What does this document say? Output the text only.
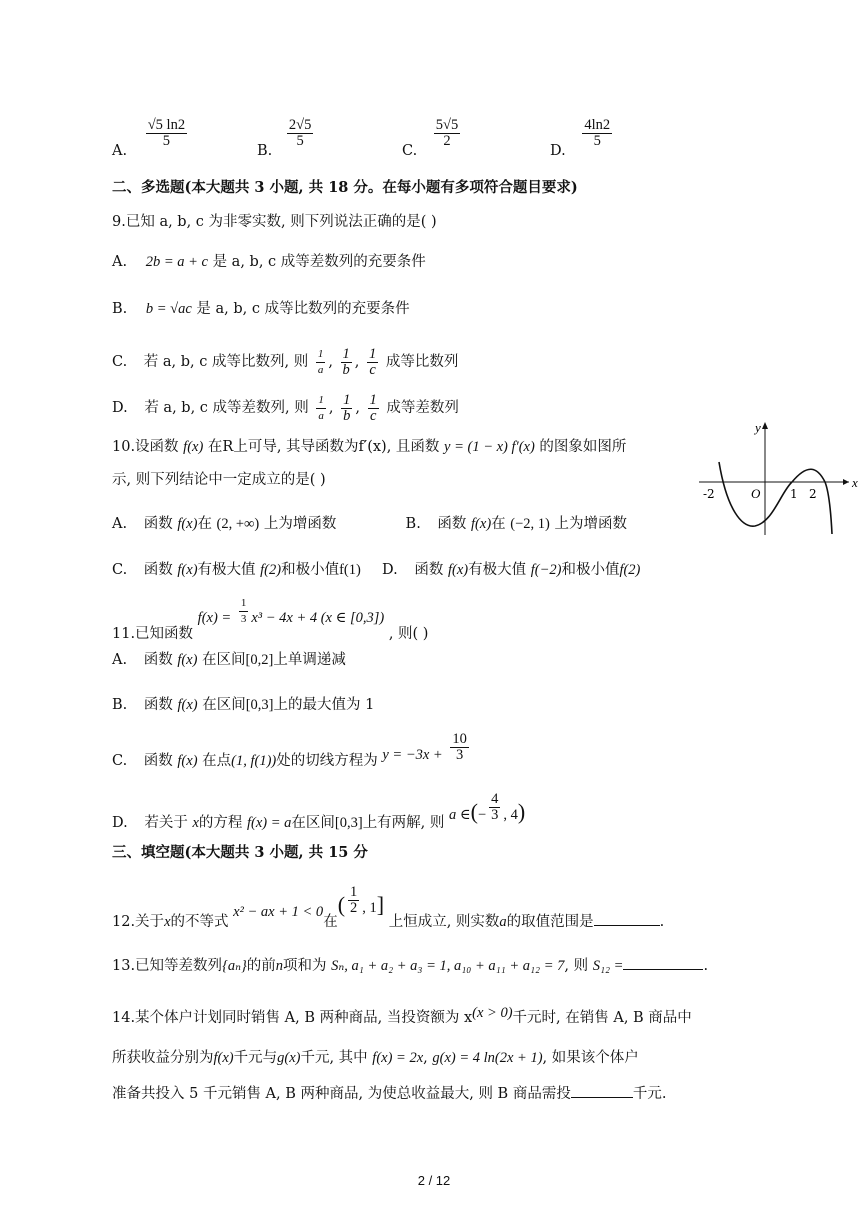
A.
$\frac{√5 \ln 2}{5}$
B.
$\frac{2√5}{5}$
C.
$\frac{5√5}{2}$
D.
$\frac{4\ln 2}{5}$
二、多选题(本大题共 3 小题, 共 18 分。在每小题有多项符合题目要求)
9.已知 a, b, c 为非零实数, 则下列说法正确的是( )
A. 2b = a + c 是 a, b, c 成等差数列的充要条件
B. b = √ac 是 a, b, c 成等比数列的充要条件
C. 若 a, b, c 成等比数列, 则 $\frac{1}{a}$ , $\frac{1}{b}$ , $\frac{1}{c}$ 成等比数列
D. 若 a, b, c 成等差数列, 则 $\frac{1}{a}$ , $\frac{1}{b}$ , $\frac{1}{c}$ 成等差数列
10.设函数 f(x) 在R上可导, 其导函数为f′(x), 且函数 y = (1 − x) f′(x) 的图象如图所
示, 则下列结论中一定成立的是( )	x
y
O
-2	1 2
A. 函数 f(x)在 (2, +∞) 上为增函数	B. 函数 f(x)在 (−2, 1) 上为增函数
C. 函数 f(x)有极大值 f(2)和极小值f(1) D. 函数 f(x)有极大值 f(−2)和极小值f(2)
11.已知函数 $f(x) = \frac{1}{3} x^3 - 4x + 4$ (x ∈ [0,3]) , 则( )
A. 函数 f(x) 在区间[0,2]上单调递减
B. 函数 f(x) 在区间[0,3]上的最大值为 1
C. 函数 f(x) 在点(1, f(1))处的切线方程为 $y = -3x + \frac{10}{3}$
D. 若关于 x的方程 f(x) = a在区间[0,3]上有两解, 则 a ∈(− $\frac{4}{3}$ , 4)
三、填空题(本大题共 3 小题, 共 15 分
12.关于x的不等式 x² − ax + 1 < 0在( $\frac{1}{2}$ , 1] 上恒成立, 则实数a的取值范围是	.
13.已知等差数列{aₙ}的前n项和为 Sₙ, a₁ + a₂ + a₃ = 1, a₁₀ + a₁₁ + a₁₂ = 7, 则 S₁₂ =	.
14.某个体户计划同时销售 A, B 两种商品, 当投资额为 x(x > 0)千元时, 在销售 A, B 商品中
所获收益分别为f(x)千元与g(x)千元, 其中 f(x) = 2x, g(x) = 4 ln(2x + 1), 如果该个体户
准备共投入 5 千元销售 A, B 两种商品, 为使总收益最大, 则 B 商品需投	千元.
2 / 12
